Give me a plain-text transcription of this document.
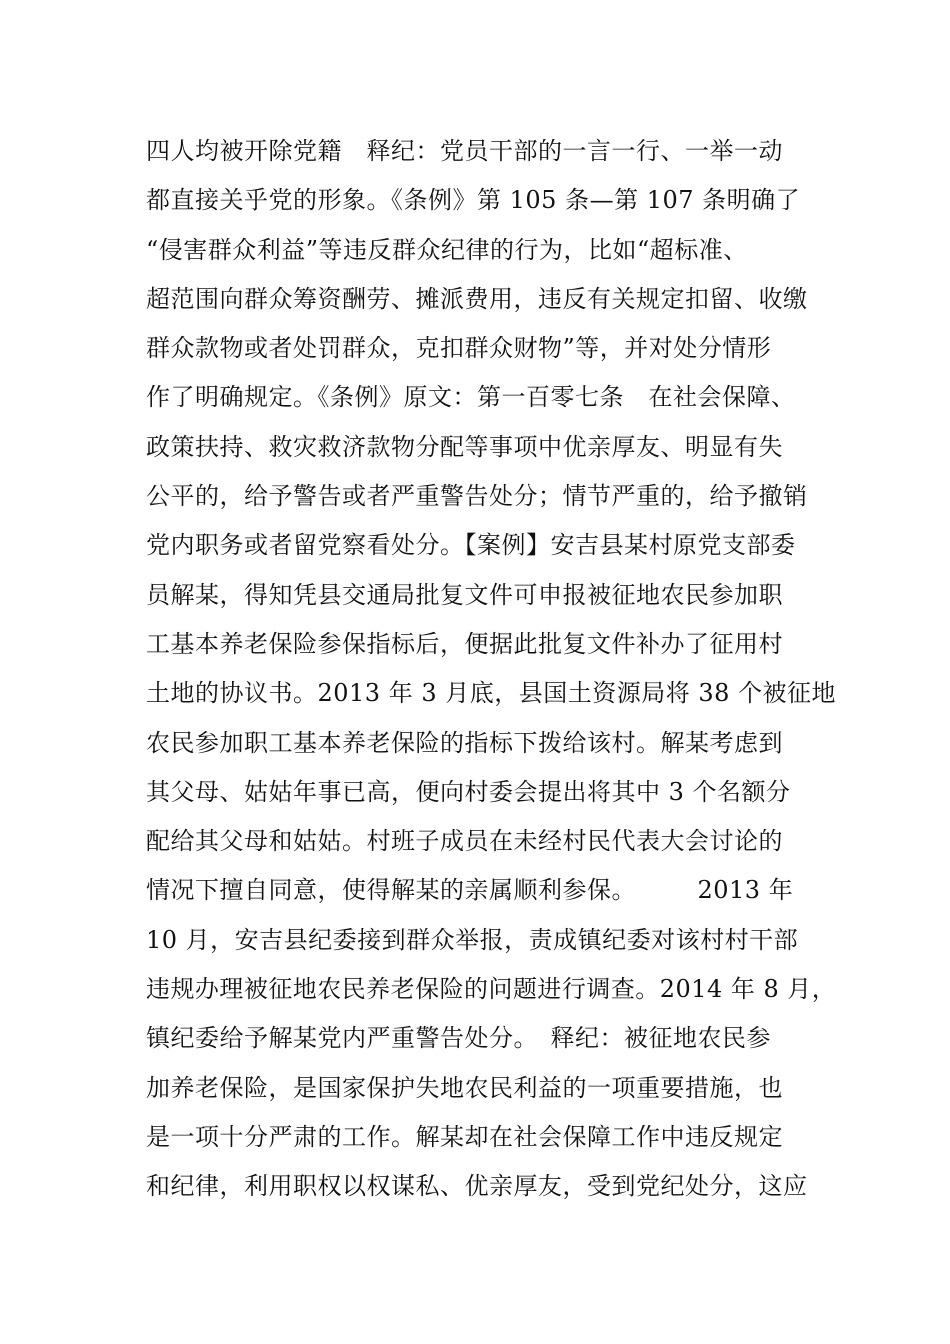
四人均被开除党籍　释纪：党员干部的一言一行、一举一动
都直接关乎党的形象。《条例》第 105 条—第 107 条明确了
“侵害群众利益”等违反群众纪律的行为，比如“超标准、
超范围向群众筹资酬劳、摊派费用，违反有关规定扣留、收缴
群众款物或者处罚群众，克扣群众财物”等，并对处分情形
作了明确规定。《条例》原文：第一百零七条　在社会保障、
政策扶持、救灾救济款物分配等事项中优亲厚友、明显有失
公平的，给予警告或者严重警告处分；情节严重的，给予撤销
党内职务或者留党察看处分。【案例】安吉县某村原党支部委
员解某，得知凭县交通局批复文件可申报被征地农民参加职
工基本养老保险参保指标后，便据此批复文件补办了征用村
土地的协议书。2013 年 3 月底，县国土资源局将 38 个被征地
农民参加职工基本养老保险的指标下拨给该村。解某考虑到
其父母、姑姑年事已高，便向村委会提出将其中 3 个名额分
配给其父母和姑姑。村班子成员在未经村民代表大会讨论的
情况下擅自同意，使得解某的亲属顺利参保。　　　2013 年
10 月，安吉县纪委接到群众举报，责成镇纪委对该村村干部
违规办理被征地农民养老保险的问题进行调查。2014 年 8 月，
镇纪委给予解某党内严重警告处分。　释纪：被征地农民参
加养老保险，是国家保护失地农民利益的一项重要措施，也
是一项十分严肃的工作。解某却在社会保障工作中违反规定
和纪律，利用职权以权谋私、优亲厚友，受到党纪处分，这应
